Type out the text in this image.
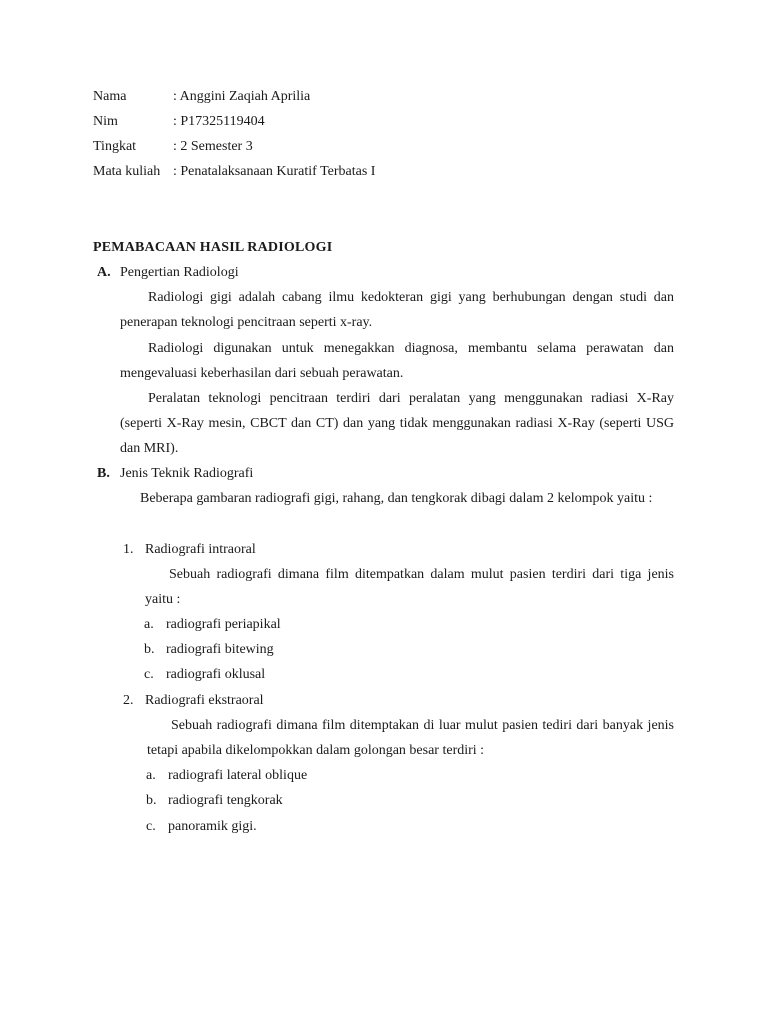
Nama	: Anggini Zaqiah Aprilia
Nim	: P17325119404
Tingkat	: 2 Semester 3
Mata kuliah : Penatalaksanaan Kuratif Terbatas I
PEMABACAAN HASIL RADIOLOGI
A. Pengertian Radiologi

Radiologi gigi adalah cabang ilmu kedokteran gigi yang berhubungan dengan studi dan penerapan teknologi pencitraan seperti x-ray.

Radiologi digunakan untuk menegakkan diagnosa, membantu selama perawatan dan mengevaluasi keberhasilan dari sebuah perawatan.

Peralatan teknologi pencitraan terdiri dari peralatan yang menggunakan radiasi X-Ray (seperti X-Ray mesin, CBCT dan CT) dan yang tidak menggunakan radiasi X-Ray (seperti USG dan MRI).

B. Jenis Teknik Radiografi

Beberapa gambaran radiografi gigi, rahang, dan tengkorak dibagi dalam 2 kelompok yaitu :

1. Radiografi intraoral

Sebuah radiografi dimana film ditempatkan dalam mulut pasien terdiri dari tiga jenis yaitu :

a. radiografi periapikal
b. radiografi bitewing
c. radiografi oklusal
2. Radiografi ekstraoral

Sebuah radiografi dimana film ditemptakan di luar mulut pasien tediri dari banyak jenis tetapi apabila dikelompokkan dalam golongan besar terdiri :

a. radiografi lateral oblique
b. radiografi tengkorak
c. panoramik gigi.
